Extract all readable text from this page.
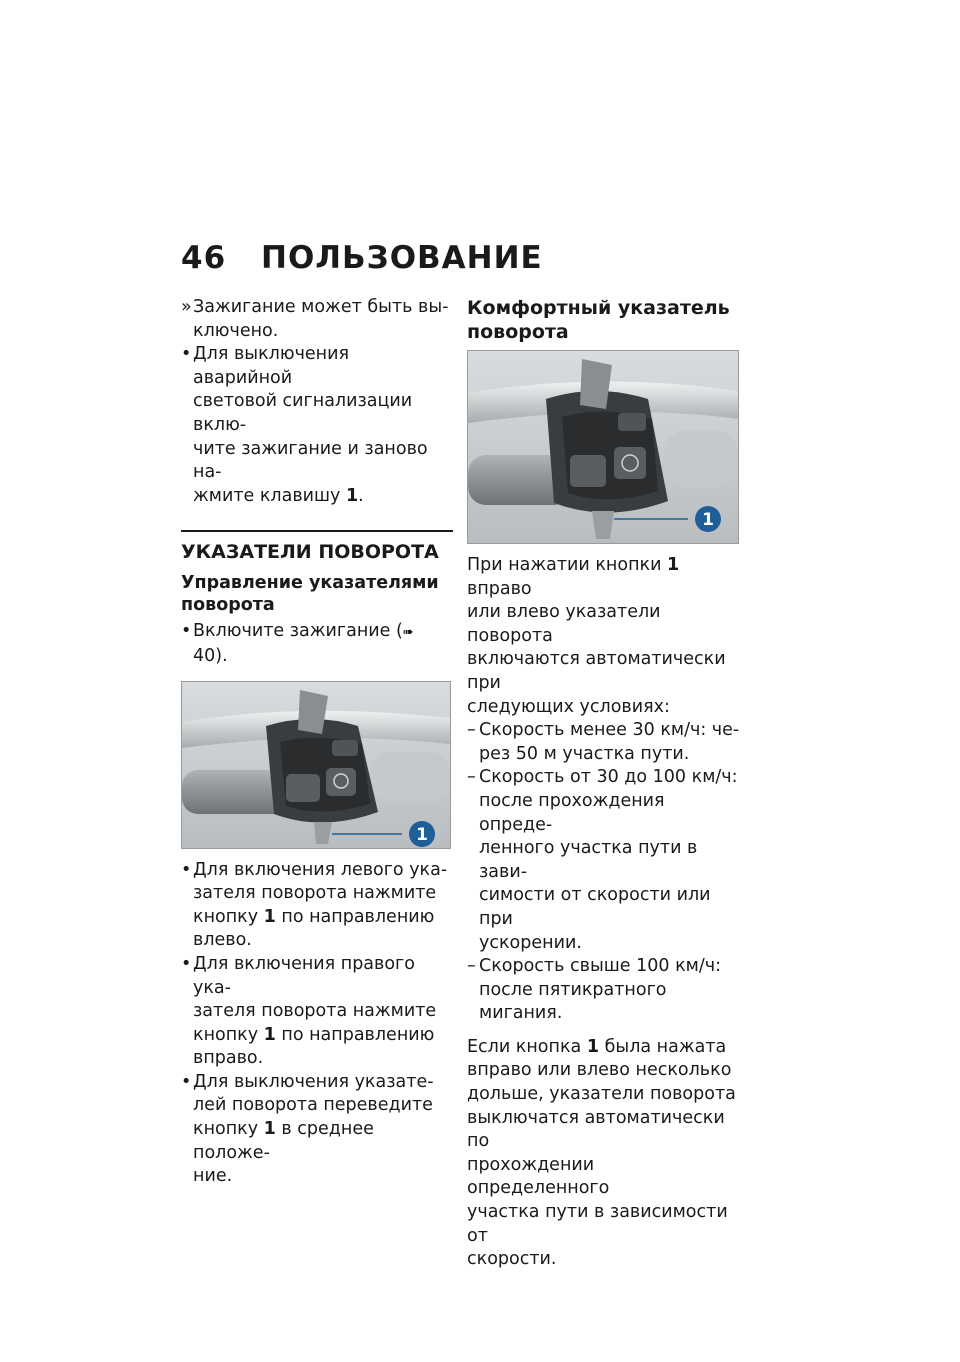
46 ПОЛЬЗОВАНИЕ
» Зажигание может быть вы-
ключено.
• Для выключения аварийной
световой сигнализации вклю-
чите зажигание и заново на-
жмите клавишу 1.
УКАЗАТЕЛИ ПОВОРОТА
Управление указателями
поворота
• Включите зажигание (➠ 40).
1
• Для включения левого ука-
зателя поворота нажмите
кнопку 1 по направлению
влево.
• Для включения правого ука-
зателя поворота нажмите
кнопку 1 по направлению
вправо.
• Для выключения указате-
лей поворота переведите
кнопку 1 в среднее положе-
ние.
Комфортный указатель
поворота
1
При нажатии кнопки 1 вправо
или влево указатели поворота
включаются автоматически при
следующих условиях:
– Скорость менее 30 км/ч: че-
рез 50 м участка пути.
– Скорость от 30 до 100 км/ч:
после прохождения опреде-
ленного участка пути в зави-
симости от скорости или при
ускорении.
– Скорость свыше 100 км/ч:
после пятикратного мигания.
Если кнопка 1 была нажата
вправо или влево несколько
дольше, указатели поворота
выключатся автоматически по
прохождении определенного
участка пути в зависимости от
скорости.
